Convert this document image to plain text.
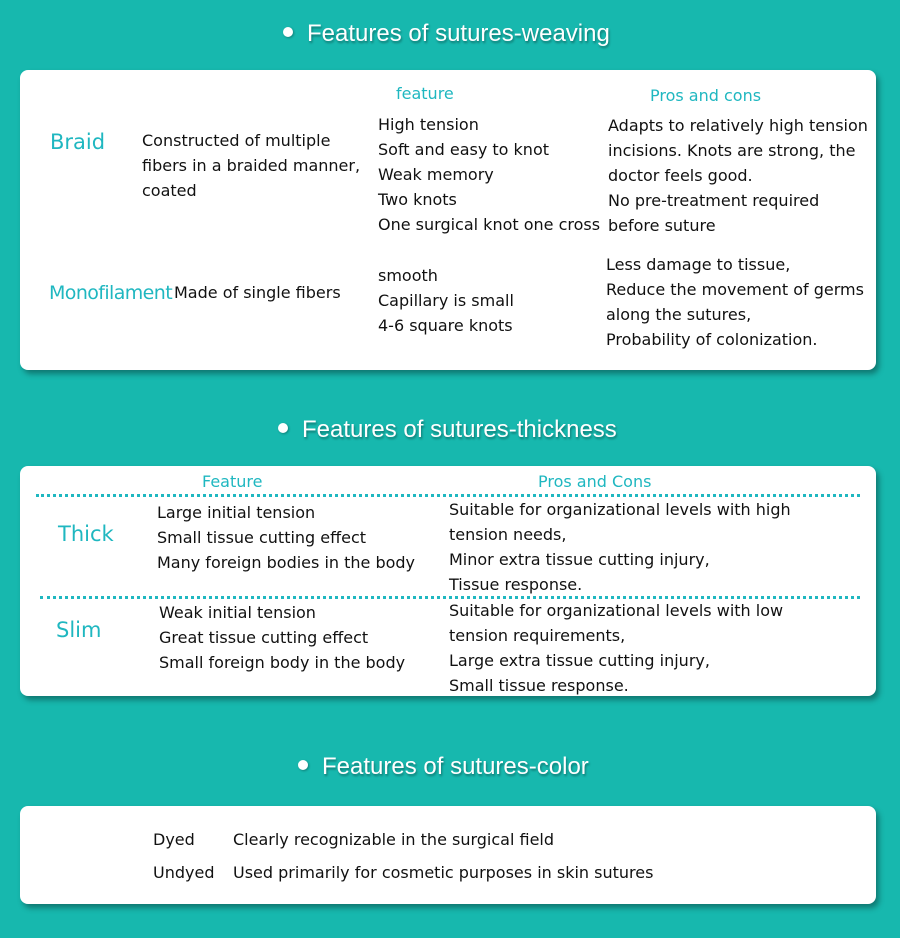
Features of sutures-weaving
feature	Pros and cons
Braid Constructed of multiple
fibers in a braided manner,
coated
High tension
Soft and easy to knot
Weak memory
Two knots
One surgical knot one cross
Adapts to relatively high tension
incisions. Knots are strong, the
doctor feels good.
No pre-treatment required
before suture
Monofilament Made of single fibers
smooth
Capillary is small
4-6 square knots
Less damage to tissue,
Reduce the movement of germs
along the sutures,
Probability of colonization.
Features of sutures-thickness
Feature	Pros and Cons
Thick
Large initial tension
Small tissue cutting effect
Many foreign bodies in the body
Suitable for organizational levels with high
tension needs,
Minor extra tissue cutting injury,
Tissue response.
Slim
Weak initial tension
Great tissue cutting effect
Small foreign body in the body
Suitable for organizational levels with low
tension requirements,
Large extra tissue cutting injury,
Small tissue response.
Features of sutures-color
Dyed Clearly recognizable in the surgical field
Undyed Used primarily for cosmetic purposes in skin sutures
